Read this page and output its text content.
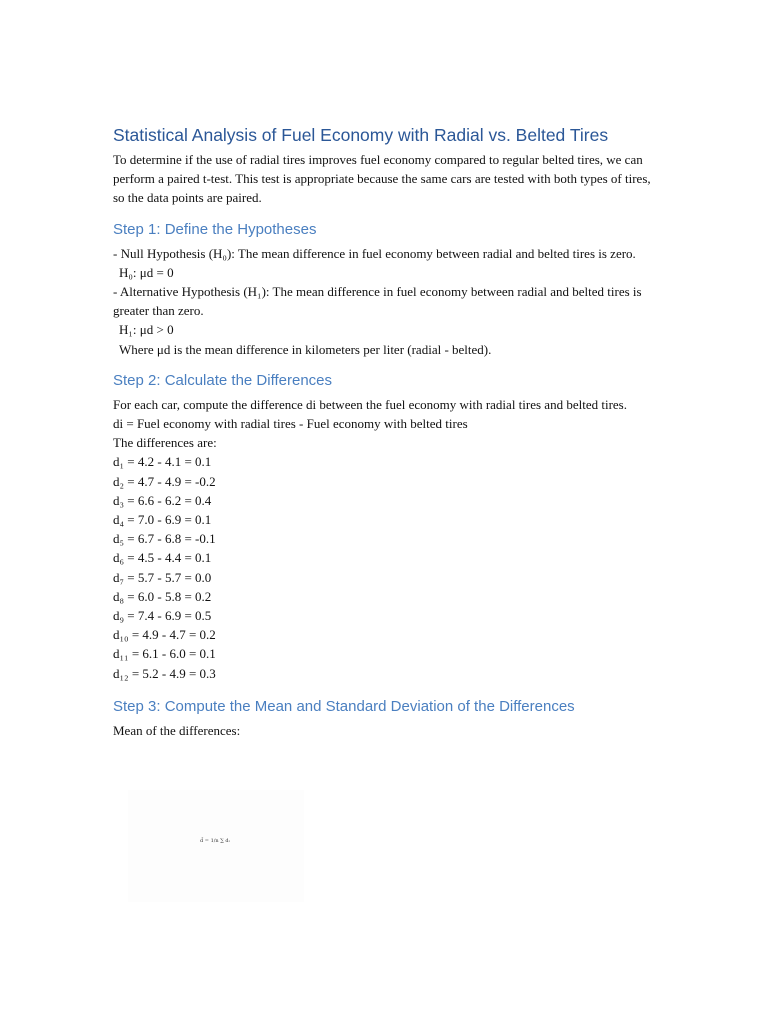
Statistical Analysis of Fuel Economy with Radial vs. Belted Tires

To determine if the use of radial tires improves fuel economy compared to regular belted tires, we can perform a paired t-test. This test is appropriate because the same cars are tested with both types of tires, so the data points are paired.

Step 1: Define the Hypotheses

- Null Hypothesis (H₀): The mean difference in fuel economy between radial and belted tires is zero.

H₀: μd = 0

- Alternative Hypothesis (H₁): The mean difference in fuel economy between radial and belted tires is greater than zero.

H₁: μd > 0

Where μd is the mean difference in kilometers per liter (radial - belted).

Step 2: Calculate the Differences

For each car, compute the difference di between the fuel economy with radial tires and belted tires.

di = Fuel economy with radial tires - Fuel economy with belted tires

The differences are:

d₁ = 4.2 - 4.1 = 0.1
d₂ = 4.7 - 4.9 = -0.2
d₃ = 6.6 - 6.2 = 0.4
d₄ = 7.0 - 6.9 = 0.1
d₅ = 6.7 - 6.8 = -0.1
d₆ = 4.5 - 4.4 = 0.1
d₇ = 5.7 - 5.7 = 0.0
d₈ = 6.0 - 5.8 = 0.2
d₉ = 7.4 - 6.9 = 0.5
d₁₀ = 4.9 - 4.7 = 0.2
d₁₁ = 6.1 - 6.0 = 0.1
d₁₂ = 5.2 - 4.9 = 0.3
Step 3: Compute the Mean and Standard Deviation of the Differences

Mean of the differences:

d̄ = 1/n ∑ dᵢ
